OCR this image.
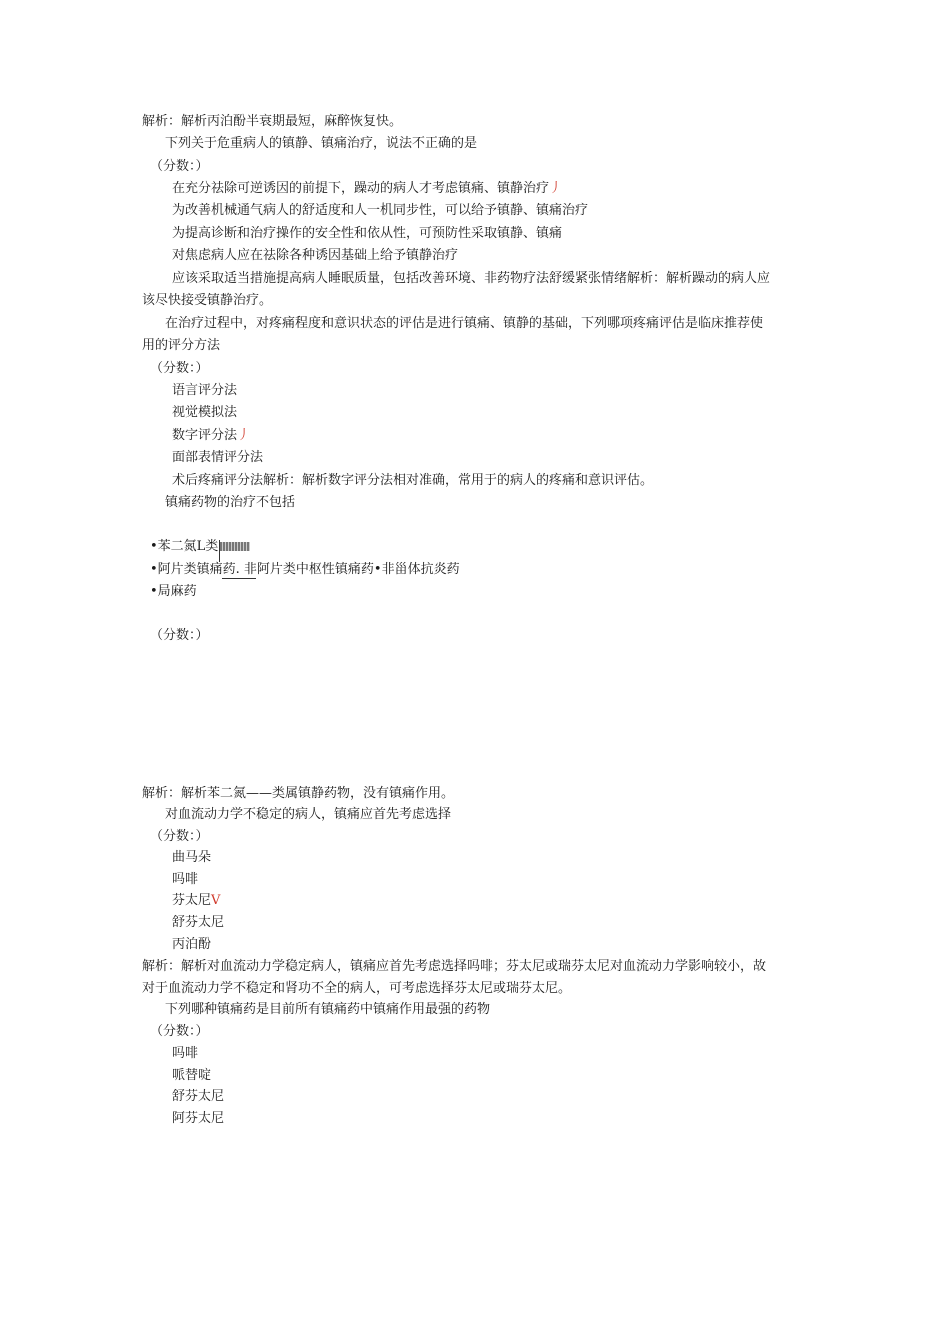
解析：解析丙泊酚半衰期最短，麻醉恢复快。
下列关于危重病人的镇静、镇痛治疗，说法不正确的是
（分数：）
在充分祛除可逆诱因的前提下，躁动的病人才考虑镇痛、镇静治疗丿
为改善机械通气病人的舒适度和人一机同步性，可以给予镇静、镇痛治疗
为提高诊断和治疗操作的安全性和依从性，可预防性采取镇静、镇痛
对焦虑病人应在祛除各种诱因基础上给予镇静治疗
应该采取适当措施提高病人睡眠质量，包括改善环境、非药物疗法舒缓紧张情绪解析：解析躁动的病人应
该尽快接受镇静治疗。
在治疗过程中，对疼痛程度和意识状态的评估是进行镇痛、镇静的基础，下列哪项疼痛评估是临床推荐使
用的评分方法
（分数：）
语言评分法
视觉模拟法
数字评分法丿
面部表情评分法
术后疼痛评分法解析：解析数字评分法相对准确，常用于的病人的疼痛和意识评估。
镇痛药物的治疗不包括
•苯二氮L类
•阿片类镇痛药. 非阿片类中枢性镇痛药•非甾体抗炎药
•局麻药
（分数：）
解析：解析苯二氮——类属镇静药物，没有镇痛作用。
对血流动力学不稳定的病人，镇痛应首先考虑选择
（分数：）
曲马朵
吗啡
芬太尼V
舒芬太尼
丙泊酚
解析：解析对血流动力学稳定病人，镇痛应首先考虑选择吗啡；芬太尼或瑞芬太尼对血流动力学影响较小，故
对于血流动力学不稳定和肾功不全的病人，可考虑选择芬太尼或瑞芬太尼。
下列哪种镇痛药是目前所有镇痛药中镇痛作用最强的药物
（分数：）
吗啡
哌替啶
舒芬太尼
阿芬太尼
